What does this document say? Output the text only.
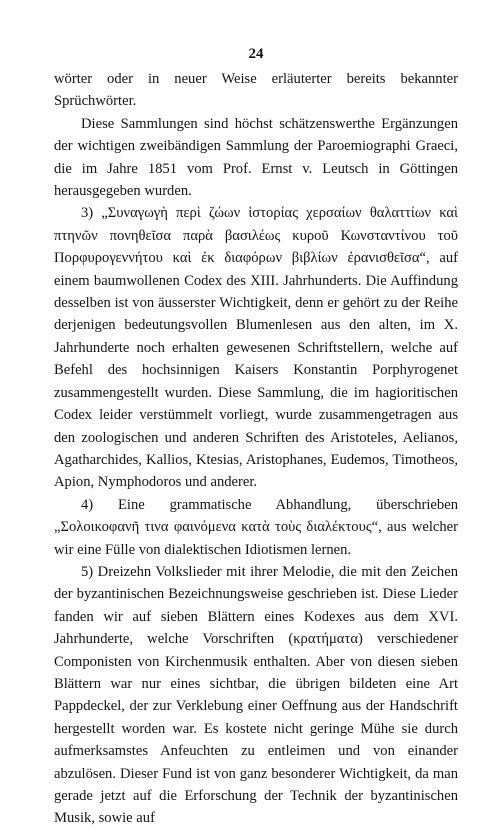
24

wörter oder in neuer Weise erläuterter bereits bekannter Sprüchwörter.

Diese Sammlungen sind höchst schätzenswerthe Ergänzungen der wichtigen zweibändigen Sammlung der Paroemiographi Graeci, die im Jahre 1851 vom Prof. Ernst v. Leutsch in Göttingen herausgegeben wurden.

3) „Συναγωγὴ περὶ ζώων ἱστορίας χερσαίων θαλαττίων καὶ πτηνῶν πονηθεῖσα παρὰ βασιλέως κυροῦ Κωνσταντίνου τοῦ Πορφυρογεννήτου καὶ ἐκ διαφόρων βιβλίων ἐρανισθεῖσα“, auf einem baumwollenen Codex des XIII. Jahrhunderts. Die Auffindung desselben ist von äusserster Wichtigkeit, denn er gehört zu der Reihe derjenigen bedeutungsvollen Blumenlesen aus den alten, im X. Jahrhunderte noch erhalten gewesenen Schriftstellern, welche auf Befehl des hochsinnigen Kaisers Konstantin Porphyrogenet zusammengestellt wurden. Diese Sammlung, die im hagioritischen Codex leider verstümmelt vorliegt, wurde zusammengetragen aus den zoologischen und anderen Schriften des Aristoteles, Aelianos, Agatharchides, Kallios, Ktesias, Aristophanes, Eudemos, Timotheos, Apion, Nymphodoros und anderer.

4) Eine grammatische Abhandlung, überschrieben „Σολοικοφανῆ τινα φαινόμενα κατὰ τοὺς διαλέκτους“, aus welcher wir eine Fülle von dialektischen Idiotismen lernen.

5) Dreizehn Volkslieder mit ihrer Melodie, die mit den Zeichen der byzantinischen Bezeichnungsweise geschrieben ist. Diese Lieder fanden wir auf sieben Blättern eines Kodexes aus dem XVI. Jahrhunderte, welche Vorschriften (κρατήματα) verschiedener Componisten von Kirchenmusik enthalten. Aber von diesen sieben Blättern war nur eines sichtbar, die übrigen bildeten eine Art Pappdeckel, der zur Verklebung einer Oeffnung aus der Handschrift hergestellt worden war. Es kostete nicht geringe Mühe sie durch aufmerksamstes Anfeuchten zu entleimen und von einander abzulösen. Dieser Fund ist von ganz besonderer Wichtigkeit, da man gerade jetzt auf die Erforschung der Technik der byzantinischen Musik, sowie auf
